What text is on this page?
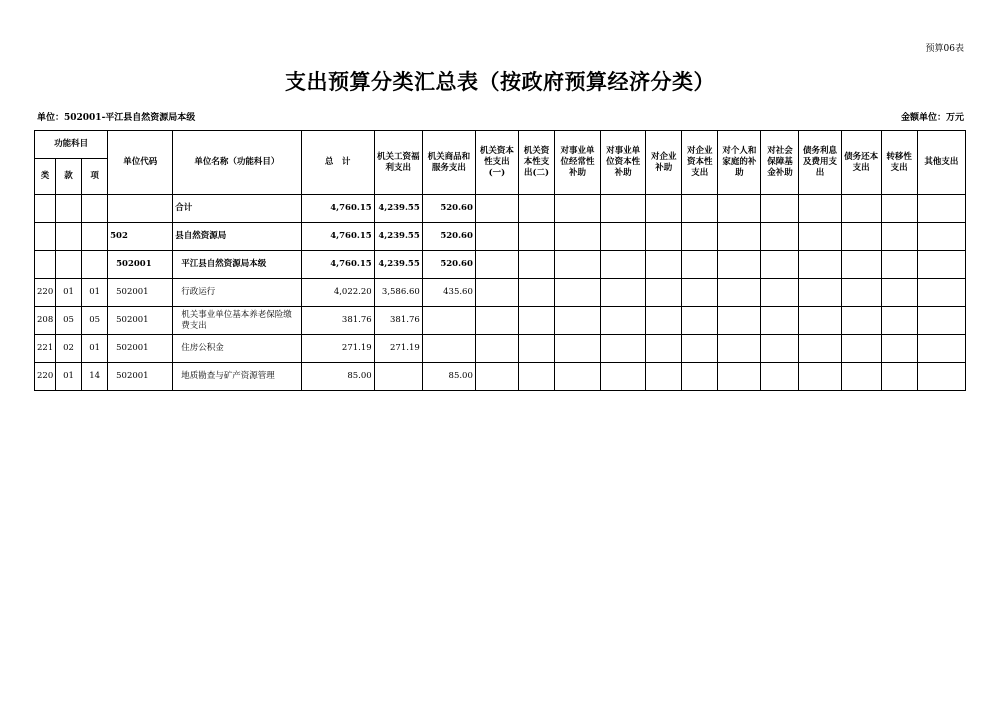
预算06表
支出预算分类汇总表（按政府预算经济分类）
单位：502001-平江县自然资源局本级	金额单位：万元
功能科目			单位代码	单位名称（功能科目）	总　计	机关工资福利支出	机关商品和服务支出	机关资本性支出(一)	机关资本性支出(二)	对事业单位经常性补助	对事业单位资本性补助	对企业补助	对企业资本性支出	对个人和家庭的补助	对社会保障基金补助	债务利息及费用支出	债务还本支出	转移性支出	其他支出
类	款	项																	
				合计	4,760.15	4,239.55	520.60												
			502	县自然资源局	4,760.15	4,239.55	520.60												
			502001	平江县自然资源局本级	4,760.15	4,239.55	520.60												
220	01	01	502001	行政运行	4,022.20	3,586.60	435.60												
208	05	05	502001	机关事业单位基本养老保险缴费支出	381.76	381.76													
221	02	01	502001	住房公积金	271.19	271.19													
220	01	14	502001	地质勘查与矿产资源管理	85.00		85.00												
